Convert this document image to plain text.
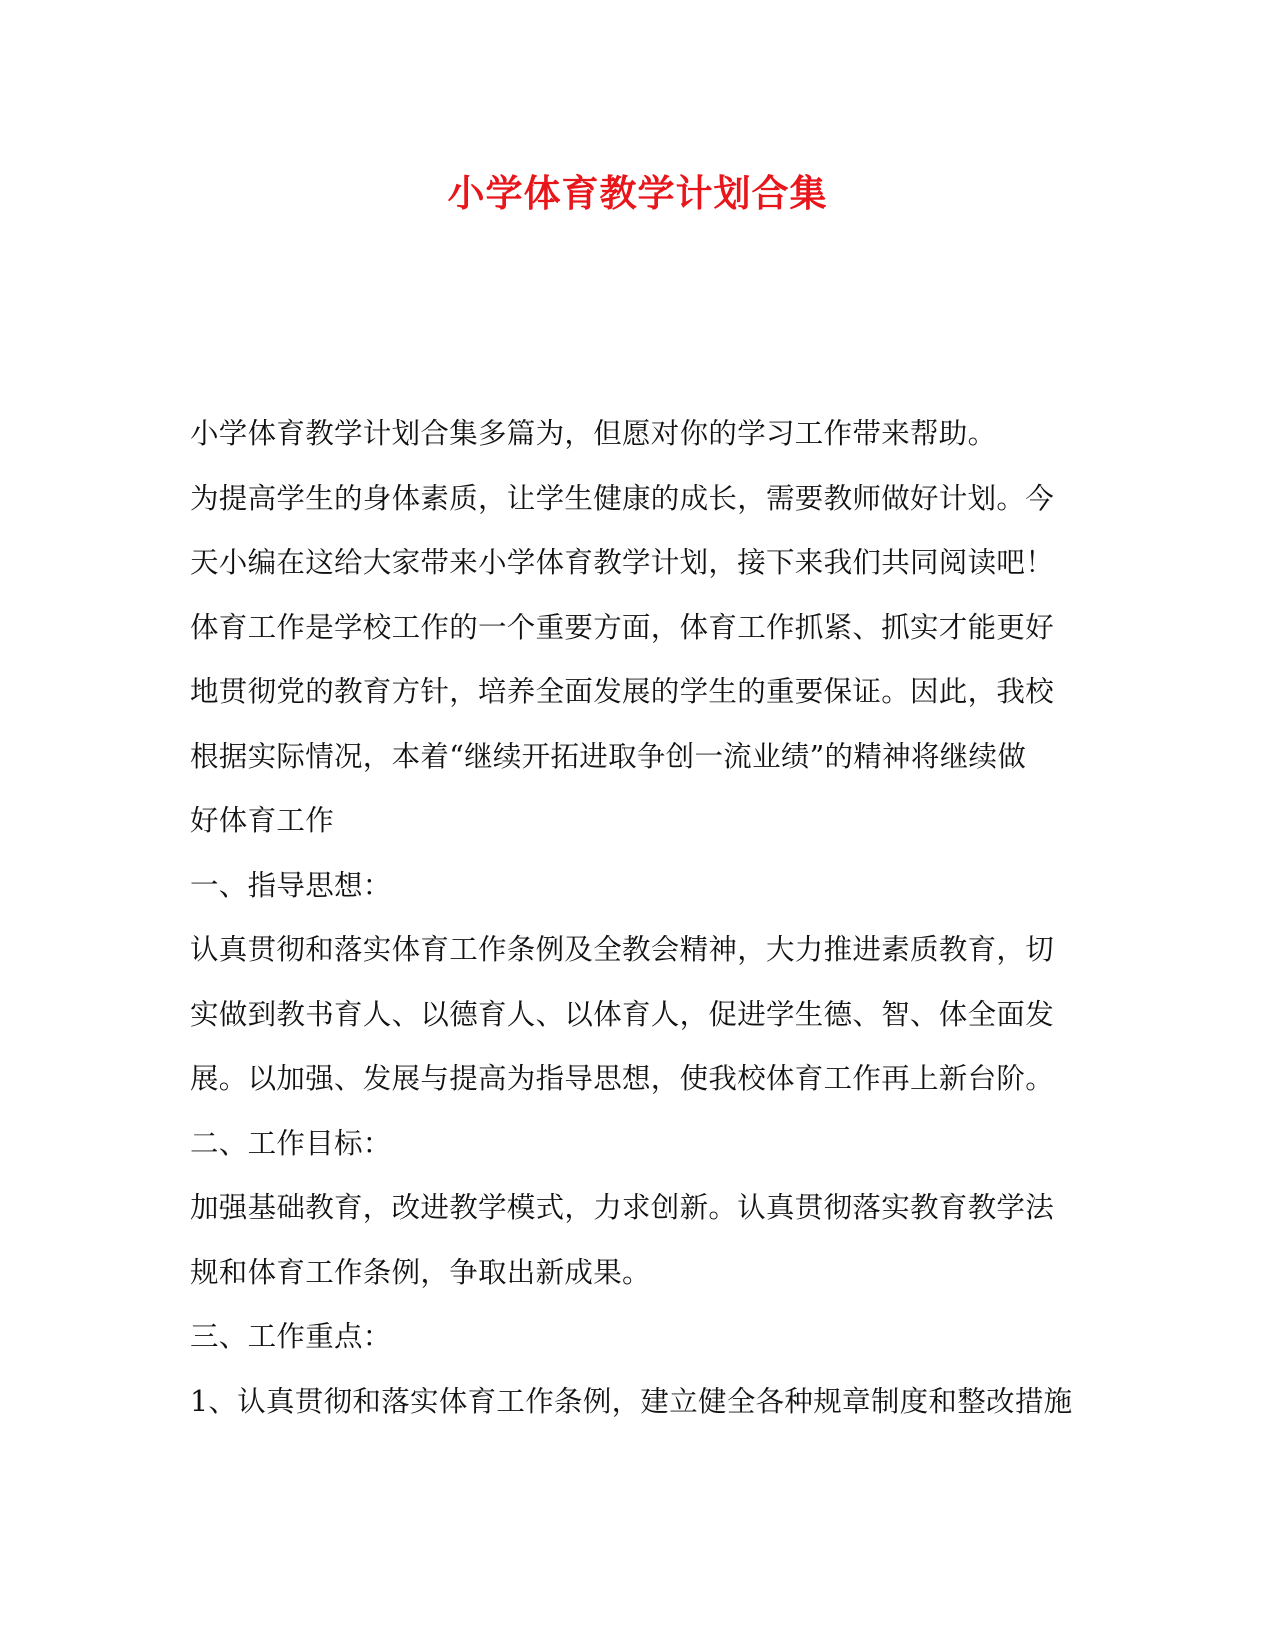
小学体育教学计划合集
小学体育教学计划合集多篇为，但愿对你的学习工作带来帮助。
为提高学生的身体素质，让学生健康的成长，需要教师做好计划。今
天小编在这给大家带来小学体育教学计划，接下来我们共同阅读吧！
体育工作是学校工作的一个重要方面，体育工作抓紧、抓实才能更好
地贯彻党的教育方针，培养全面发展的学生的重要保证。因此，我校
根据实际情况，本着“继续开拓进取争创一流业绩”的精神将继续做
好体育工作
一、指导思想：
认真贯彻和落实体育工作条例及全教会精神，大力推进素质教育，切
实做到教书育人、以德育人、以体育人，促进学生德、智、体全面发
展。以加强、发展与提高为指导思想，使我校体育工作再上新台阶。
二、工作目标：
加强基础教育，改进教学模式，力求创新。认真贯彻落实教育教学法
规和体育工作条例，争取出新成果。
三、工作重点：
1、认真贯彻和落实体育工作条例，建立健全各种规章制度和整改措施
